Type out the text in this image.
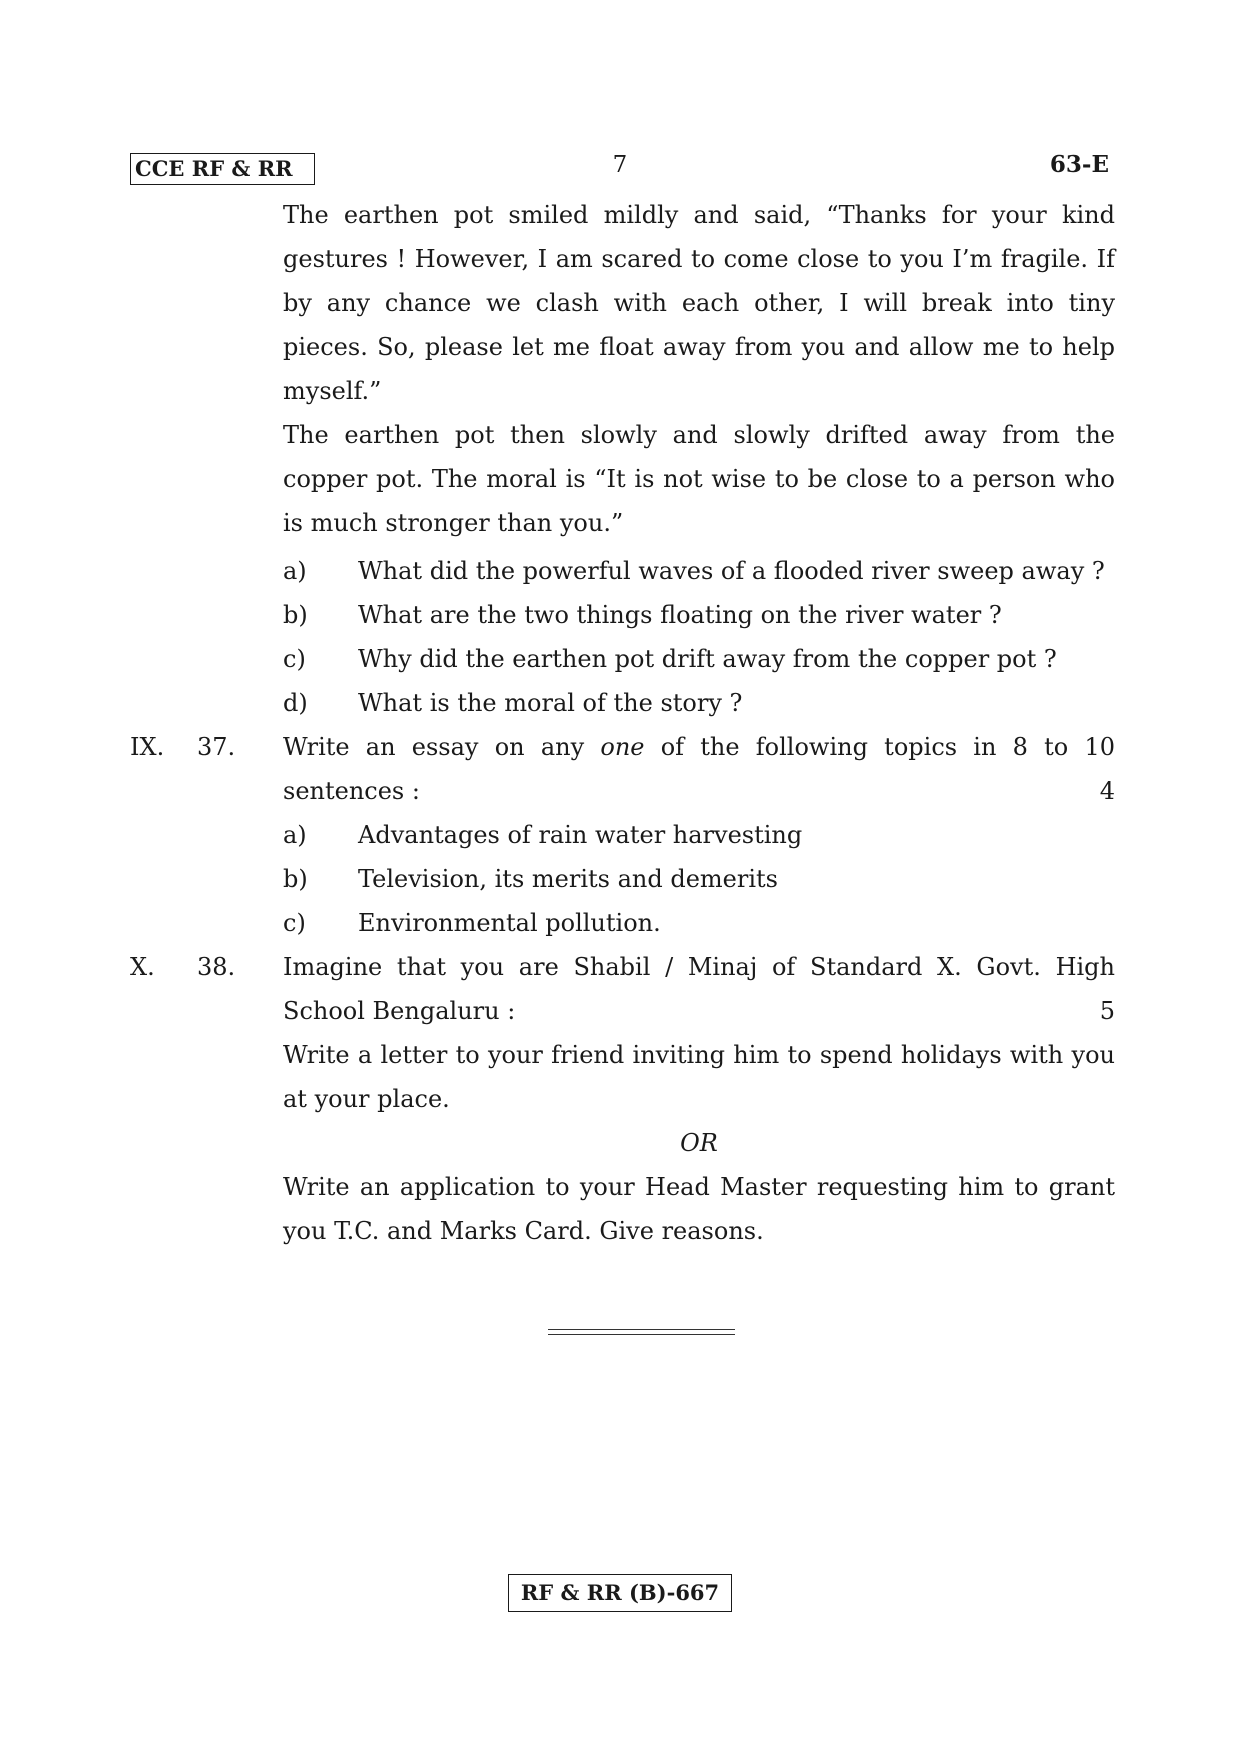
CCE RF & RR	7	63-E
The earthen pot smiled mildly and said, “Thanks for your kind gestures ! However, I am scared to come close to you I’m fragile. If by any chance we clash with each other, I will break into tiny pieces. So, please let me float away from you and allow me to help myself.”
The earthen pot then slowly and slowly drifted away from the copper pot. The moral is “It is not wise to be close to a person who is much stronger than you.”
a) What did the powerful waves of a flooded river sweep away ?
b) What are the two things floating on the river water ?
c) Why did the earthen pot drift away from the copper pot ?
d) What is the moral of the story ?
IX. 37. Write an essay on any one of the following topics in 8 to 10
sentences :	4
a) Advantages of rain water harvesting
b) Television, its merits and demerits
c) Environmental pollution.
X. 38. Imagine that you are Shabil / Minaj of Standard X. Govt. High
School Bengaluru :	5
Write a letter to your friend inviting him to spend holidays with you at your place.
OR
Write an application to your Head Master requesting him to grant you T.C. and Marks Card. Give reasons.
RF & RR (B)-667
